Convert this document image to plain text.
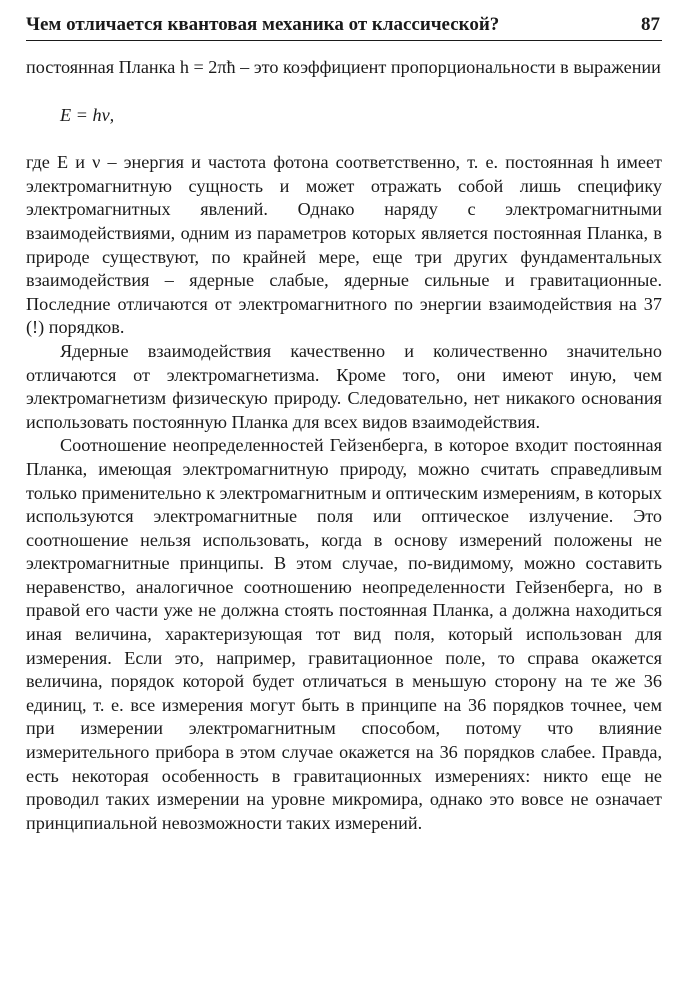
Чем отличается квантовая механика от классической?	87

постоянная Планка h = 2πħ – это коэффициент пропорциональности в выражении

E = hν,

где E и ν – энергия и частота фотона соответственно, т. е. постоянная h имеет электромагнитную сущность и может отражать собой лишь специфику электромагнитных явлений. Однако наряду с электромагнитными взаимодействиями, одним из параметров которых является постоянная Планка, в природе существуют, по крайней мере, еще три других фундаментальных взаимодействия – ядерные слабые, ядерные сильные и гравитационные. Последние отличаются от электромагнитного по энергии взаимодействия на 37 (!) порядков.

Ядерные взаимодействия качественно и количественно значительно отличаются от электромагнетизма. Кроме того, они имеют иную, чем электромагнетизм физическую природу. Следовательно, нет никакого основания использовать постоянную Планка для всех видов взаимодействия.

Соотношение неопределенностей Гейзенберга, в которое входит постоянная Планка, имеющая электромагнитную природу, можно считать справедливым только применительно к электромагнитным и оптическим измерениям, в которых используются электромагнитные поля или оптическое излучение. Это соотношение нельзя использовать, когда в основу измерений положены не электромагнитные принципы. В этом случае, по-видимому, можно составить неравенство, аналогичное соотношению неопределенности Гейзенберга, но в правой его части уже не должна стоять постоянная Планка, а должна находиться иная величина, характеризующая тот вид поля, который использован для измерения. Если это, например, гравитационное поле, то справа окажется величина, порядок которой будет отличаться в меньшую сторону на те же 36 единиц, т. е. все измерения могут быть в принципе на 36 порядков точнее, чем при измерении электромагнитным способом, потому что влияние измерительного прибора в этом случае окажется на 36 порядков слабее. Правда, есть некоторая особенность в гравитационных измерениях: никто еще не проводил таких измерении на уровне микромира, однако это вовсе не означает принципиальной невозможности таких измерений.
